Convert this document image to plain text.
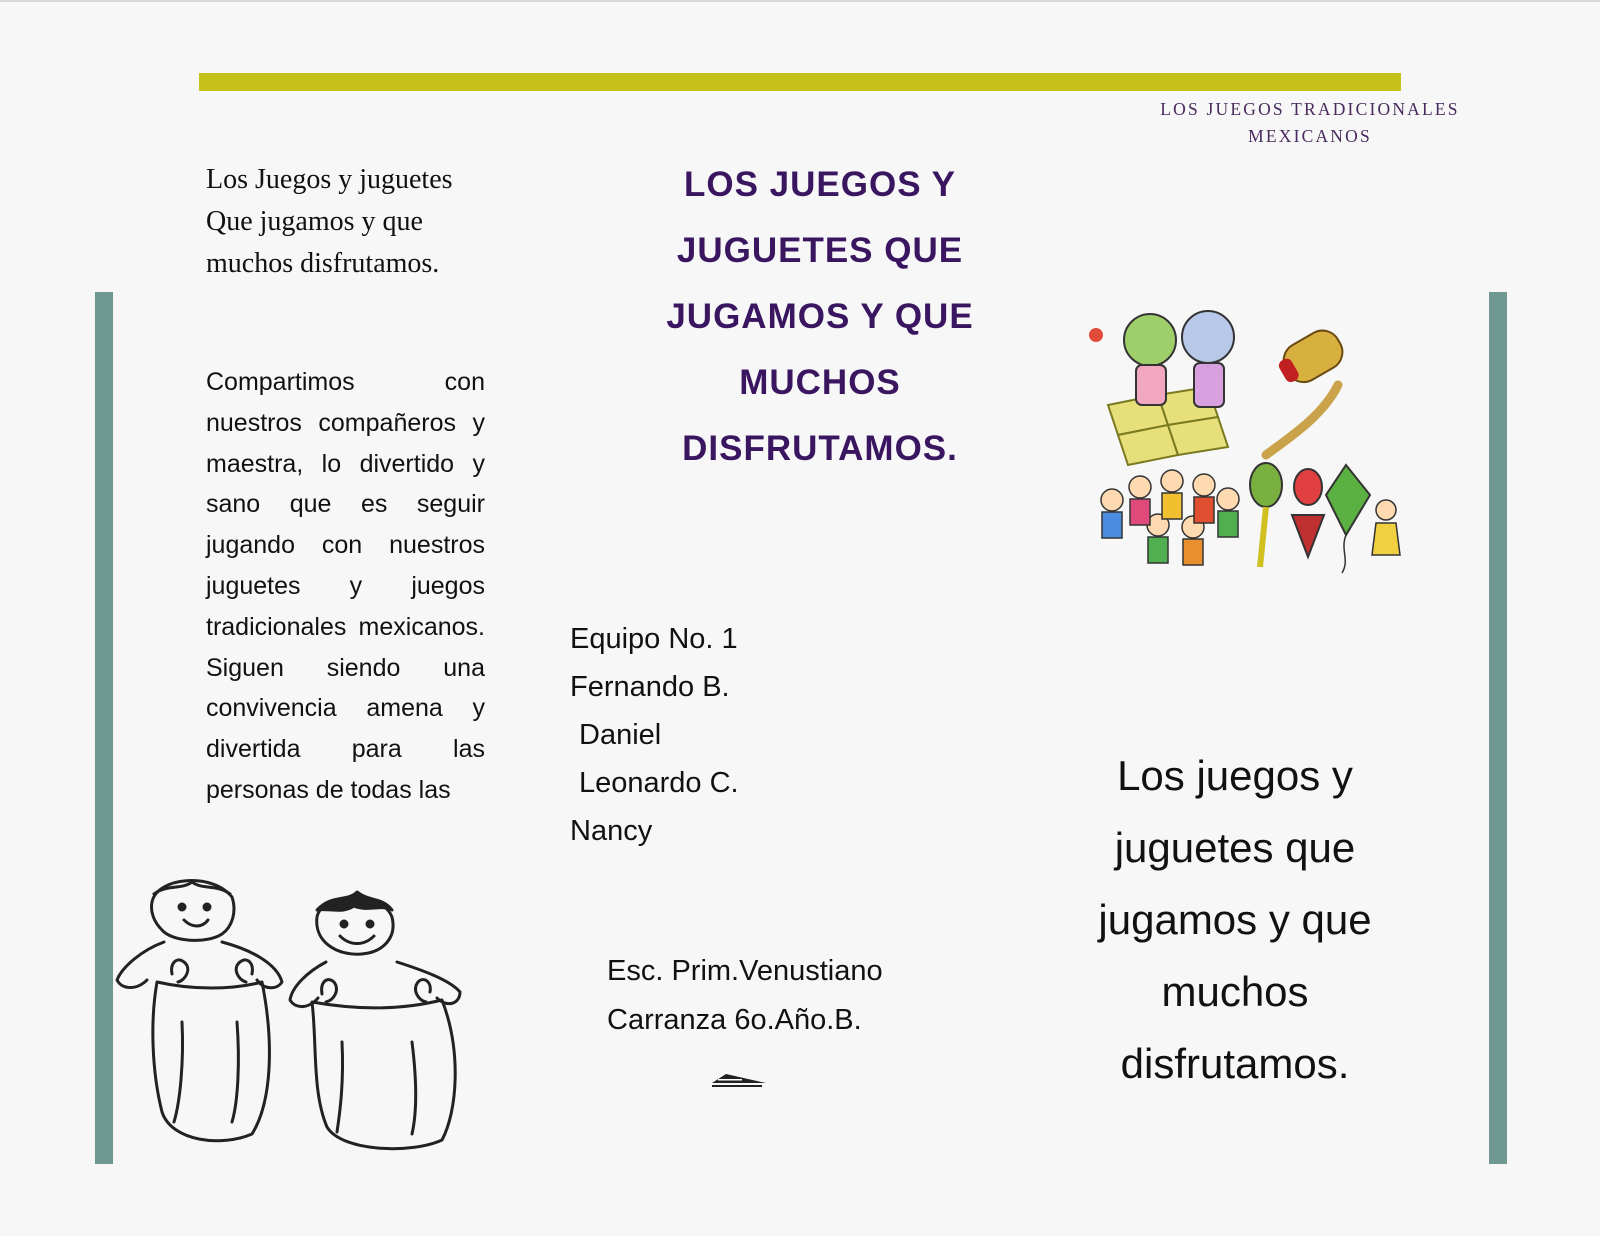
LOS JUEGOS TRADICIONALES MEXICANOS
Los Juegos y juguetes Que jugamos y que muchos disfrutamos.
Compartimos con nuestros compañeros y maestra, lo divertido y sano que es seguir jugando con nuestros juguetes y juegos tradicionales mexicanos. Siguen siendo una convivencia amena y divertida para las personas de todas las
LOS JUEGOS Y JUGUETES QUE JUGAMOS Y QUE MUCHOS DISFRUTAMOS.
Equipo No. 1
Fernando B.
Daniel
Leonardo C.
Nancy
Esc. Prim.Venustiano Carranza 6o.Año.B.
Los juegos y juguetes que jugamos y que muchos disfrutamos.
